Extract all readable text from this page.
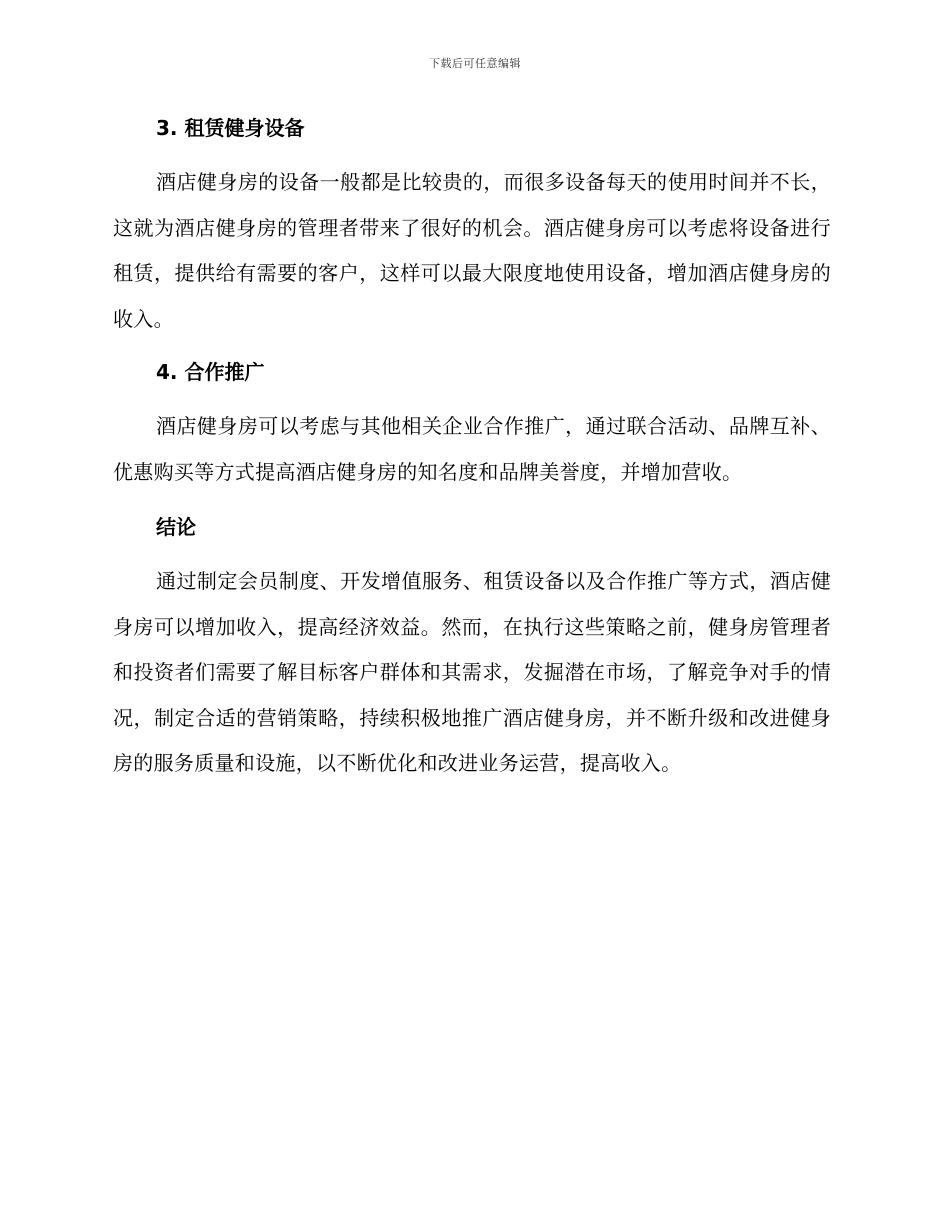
下载后可任意编辑
3. 租赁健身设备

酒店健身房的设备一般都是比较贵的，而很多设备每天的使用时间并不长，这就为酒店健身房的管理者带来了很好的机会。酒店健身房可以考虑将设备进行租赁，提供给有需要的客户，这样可以最大限度地使用设备，增加酒店健身房的收入。

4. 合作推广

酒店健身房可以考虑与其他相关企业合作推广，通过联合活动、品牌互补、优惠购买等方式提高酒店健身房的知名度和品牌美誉度，并增加营收。

结论

通过制定会员制度、开发增值服务、租赁设备以及合作推广等方式，酒店健身房可以增加收入，提高经济效益。然而，在执行这些策略之前，健身房管理者和投资者们需要了解目标客户群体和其需求，发掘潜在市场，了解竞争对手的情况，制定合适的营销策略，持续积极地推广酒店健身房，并不断升级和改进健身房的服务质量和设施，以不断优化和改进业务运营，提高收入。
